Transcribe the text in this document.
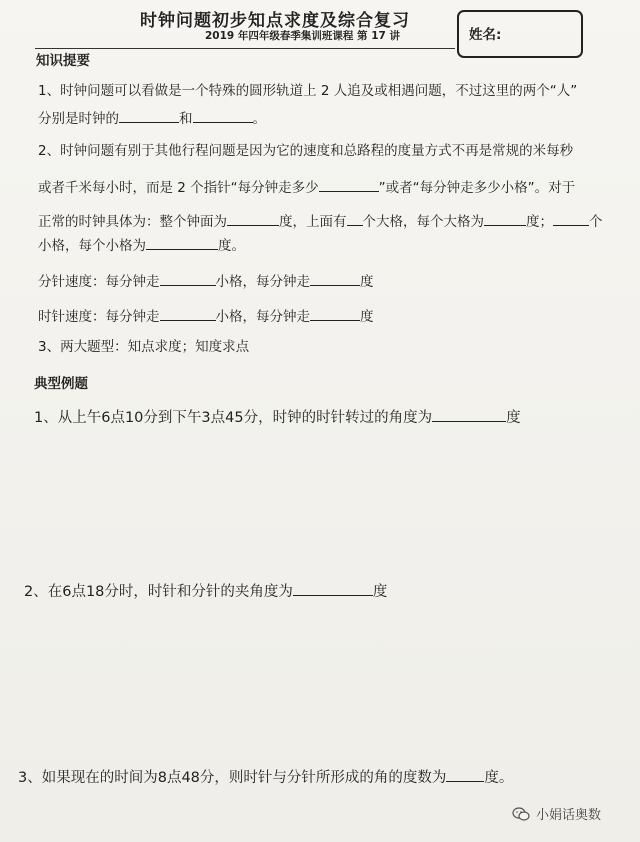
时钟问题初步知点求度及综合复习
2019 年四年级春季集训班课程 第 17 讲	姓名:
知识提要
1、时钟问题可以看做是一个特殊的圆形轨道上 2 人追及或相遇问题，不过这里的两个“人”
分别是时钟的	和	。
2、时钟问题有别于其他行程问题是因为它的速度和总路程的度量方式不再是常规的米每秒
或者千米每小时，而是 2 个指针“每分钟走多少	”或者“每分钟走多少小格”。对于
正常的时钟具体为：整个钟面为	度，上面有 个大格，每个大格为	度；	个
小格，每个小格为	度。
分针速度：每分钟走	小格，每分钟走	度
时针速度：每分钟走	小格，每分钟走	度
3、两大题型：知点求度；知度求点
典型例题
1、从上午6点10分到下午3点45分，时钟的时针转过的角度为	度
2、在6点18分时，时针和分针的夹角度为	度
3、如果现在的时间为8点48分，则时针与分针所形成的角的度数为	度。
小娟话奥数
